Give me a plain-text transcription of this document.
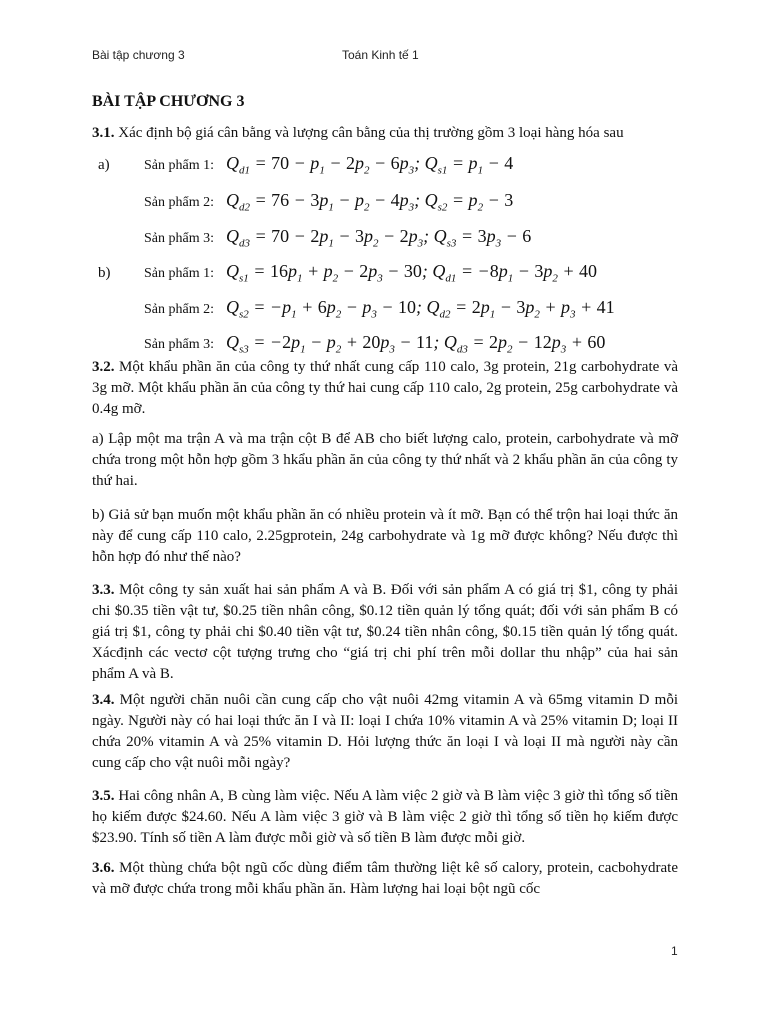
Bài tập chương 3	Toán Kinh tế 1
BÀI TẬP CHƯƠNG 3
3.1. Xác định bộ giá cân bằng và lượng cân bằng của thị trường gồm 3 loại hàng hóa sau
a) Sản phẩm 1: $Q_{d1} = 70 - p_1 - 2p_2 - 6p_3$; $Q_{s1} = p_1 - 4$
Sản phẩm 2: $Q_{d2} = 76 - 3p_1 - p_2 - 4p_3$; $Q_{s2} = p_2 - 3$
Sản phẩm 3: $Q_{d3} = 70 - 2p_1 - 3p_2 - 2p_3$; $Q_{s3} = 3p_3 - 6$
b) Sản phẩm 1: $Q_{s1} = 16p_1 + p_2 - 2p_3 - 30$; $Q_{d1} = -8p_1 - 3p_2 + 40$
Sản phẩm 2: $Q_{s2} = -p_1 + 6p_2 - p_3 - 10$; $Q_{d2} = 2p_1 - 3p_2 + p_3 + 41$
Sản phẩm 3: $Q_{s3} = -2p_1 - p_2 + 20p_3 - 11$; $Q_{d3} = 2p_2 - 12p_3 + 60$

3.2. Một khẩu phần ăn của công ty thứ nhất cung cấp 110 calo, 3g protein, 21g carbohydrate và 3g mỡ. Một khẩu phần ăn của công ty thứ hai cung cấp 110 calo, 2g protein, 25g carbohydrate và 0.4g mỡ.

a) Lập một ma trận A và ma trận cột B để AB cho biết lượng calo, protein, carbohydrate và mỡ chứa trong một hỗn hợp gồm 3 hkẩu phần ăn của công ty thứ nhất và 2 khẩu phần ăn của công ty thứ hai.

b) Giả sử bạn muốn một khẩu phần ăn có nhiều protein và ít mỡ. Bạn có thể trộn hai loại thức ăn này để cung cấp 110 calo, 2.25gprotein, 24g carbohydrate và 1g mỡ được không? Nếu được thì hỗn hợp đó như thế nào?

3.3. Một công ty sản xuất hai sản phẩm A và B. Đối với sản phẩm A có giá trị $1, công ty phải chi $0.35 tiền vật tư, $0.25 tiền nhân công, $0.12 tiền quản lý tổng quát; đối với sản phẩm B có giá trị $1, công ty phải chi $0.40 tiền vật tư, $0.24 tiền nhân công, $0.15 tiền quản lý tổng quát. Xácđịnh các vectơ cột tượng trưng cho “giá trị chi phí trên mỗi dollar thu nhập” của hai sản phẩm A và B.

3.4. Một người chăn nuôi cần cung cấp cho vật nuôi 42mg vitamin A và 65mg vitamin D mỗi ngày. Người này có hai loại thức ăn I và II: loại I chứa 10% vitamin A và 25% vitamin D; loại II chứa 20% vitamin A và 25% vitamin D. Hỏi lượng thức ăn loại I và loại II mà người này cần cung cấp cho vật nuôi mỗi ngày?

3.5. Hai công nhân A, B cùng làm việc. Nếu A làm việc 2 giờ và B làm việc 3 giờ thì tổng số tiền họ kiếm được $24.60. Nếu A làm việc 3 giờ và B làm việc 2 giờ thì tổng số tiền họ kiếm được $23.90. Tính số tiền A làm được mỗi giờ và số tiền B làm được mỗi giờ.

3.6. Một thùng chứa bột ngũ cốc dùng điểm tâm thường liệt kê số calory, protein, cacbohydrate và mỡ được chứa trong mỗi khẩu phần ăn. Hàm lượng hai loại bột ngũ cốc

1
